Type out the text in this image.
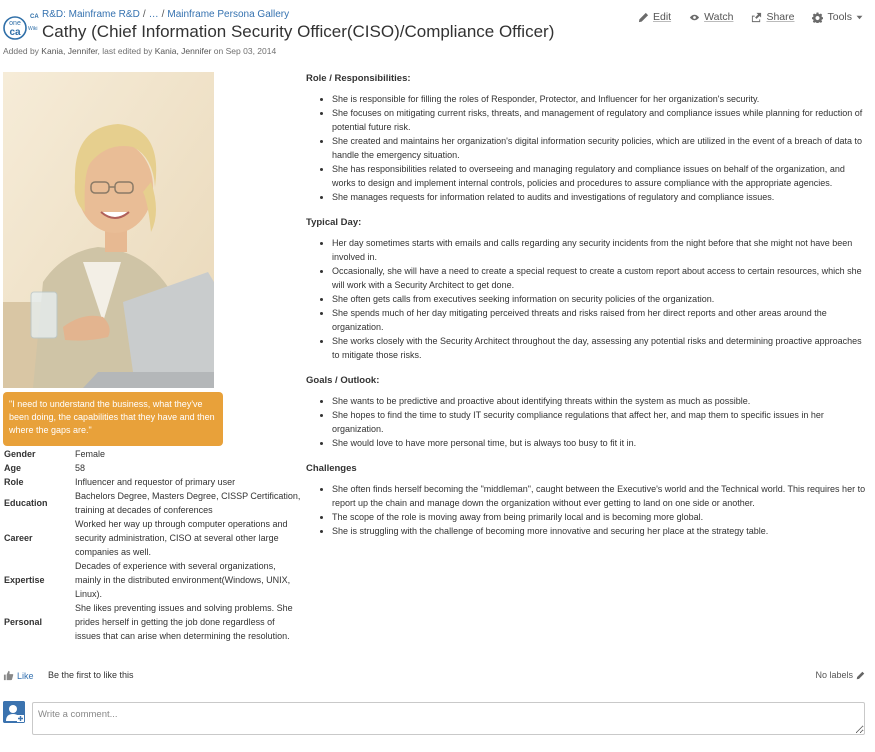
one
ca
CA
Wiki
R&D: Mainframe R&D / … / Mainframe Persona Gallery
Cathy (Chief Information Security Officer(CISO)/Compliance Officer)
Added by Kania, Jennifer, last edited by Kania, Jennifer on Sep 03, 2014
Edit	Watch	Share	Tools
"I need to understand the business, what they've been doing, the capabilities that they have and then where the gaps are."
Gender	Female
Age	58
Role	Influencer and requestor of primary user
Education	Bachelors Degree, Masters Degree, CISSP Certification, training at decades of conferences
Career	Worked her way up through computer operations and security administration, CISO at several other large companies as well.
Expertise	Decades of experience with several organizations, mainly in the distributed environment(Windows, UNIX, Linux).
Personal	She likes preventing issues and solving problems. She prides herself in getting the job done regardless of issues that can arise when determining the resolution.
Role / Responsibilities:
• She is responsible for filling the roles of Responder, Protector, and Influencer for her organization's security.
• She focuses on mitigating current risks, threats, and management of regulatory and compliance issues while planning for reduction of potential future risk.
• She created and maintains her organization's digital information security policies, which are utilized in the event of a breach of data to handle the emergency situation.
• She has responsibilities related to overseeing and managing regulatory and compliance issues on behalf of the organization, and works to design and implement internal controls, policies and procedures to assure compliance with the appropriate agencies.
• She manages requests for information related to audits and investigations of regulatory and compliance issues.
Typical Day:
• Her day sometimes starts with emails and calls regarding any security incidents from the night before that she might not have been involved in.
• Occasionally, she will have a need to create a special request to create a custom report about access to certain resources, which she will work with a Security Architect to get done.
• She often gets calls from executives seeking information on security policies of the organization.
• She spends much of her day mitigating perceived threats and risks raised from her direct reports and other areas around the organization.
• She works closely with the Security Architect throughout the day, assessing any potential risks and determining proactive approaches to mitigate those risks.
Goals / Outlook:
• She wants to be predictive and proactive about identifying threats within the system as much as possible.
• She hopes to find the time to study IT security compliance regulations that affect her, and map them to specific issues in her organization.
• She would love to have more personal time, but is always too busy to fit it in.
Challenges
• She often finds herself becoming the "middleman", caught between the Executive's world and the Technical world. This requires her to report up the chain and manage down the organization without ever getting to land on one side or another.
• The scope of the role is moving away from being primarily local and is becoming more global.
• She is struggling with the challenge of becoming more innovative and securing her place at the strategy table.
Like Be the first to like this	No labels
Write a comment...
